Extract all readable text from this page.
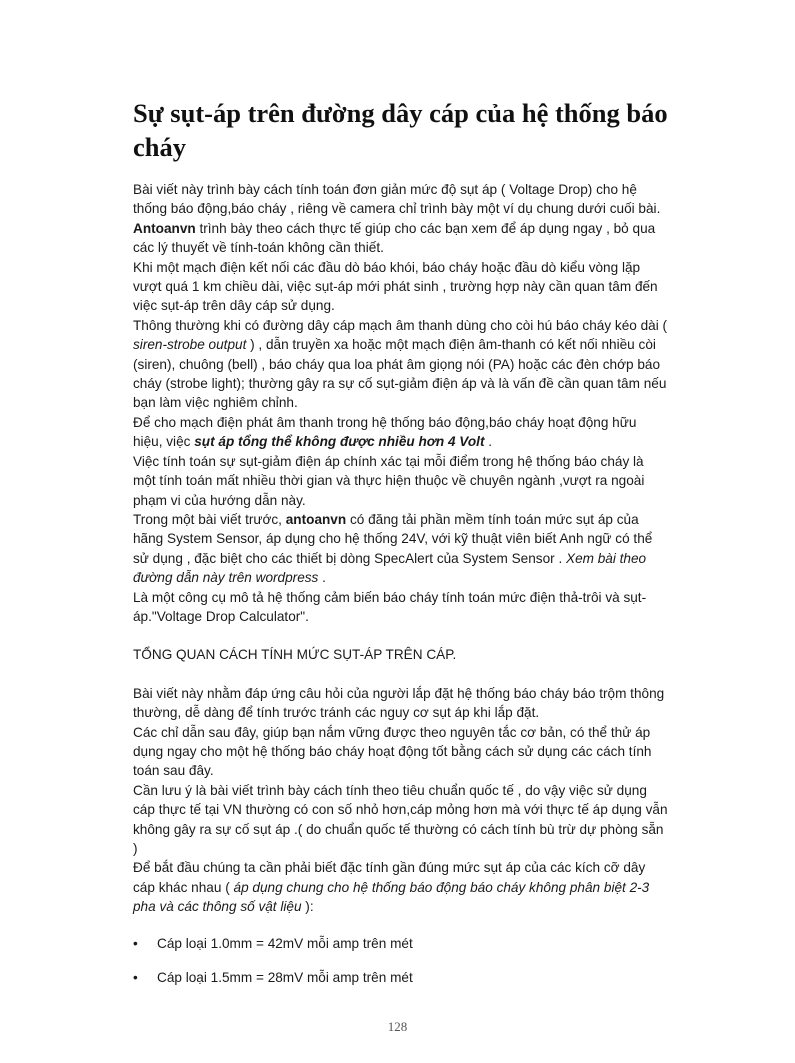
Sự sụt-áp trên đường dây cáp của hệ thống báo cháy

Bài viết này trình bày cách tính toán đơn giản mức độ sụt áp ( Voltage Drop) cho hệ thống báo động,báo cháy , riêng về camera chỉ trình bày một ví dụ chung dưới cuối bài. Antoanvn trình bày theo cách thực tế giúp cho các bạn xem để áp dụng ngay , bỏ qua các lý thuyết về tính-toán không cần thiết.

Khi một mạch điện kết nối các đầu dò báo khói, báo cháy hoặc đầu dò kiểu vòng lặp vượt quá 1 km chiều dài, việc sụt-áp mới phát sinh , trường hợp này cần quan tâm đến việc sụt-áp trên dây cáp sử dụng.

Thông thường khi có đường dây cáp mạch âm thanh dùng cho còi hú báo cháy kéo dài ( siren-strobe output ) , dẫn truyền xa hoặc một mạch điện âm-thanh có kết nối nhiều còi (siren), chuông (bell) , báo cháy qua loa phát âm giọng nói (PA) hoặc các đèn chớp báo cháy (strobe light); thường gây ra sự cố sụt-giảm điện áp và là vấn đề cần quan tâm nếu bạn làm việc nghiêm chỉnh.

Để cho mạch điện phát âm thanh trong hệ thống báo động,báo cháy hoạt động hữu hiệu, việc sụt áp tổng thể không được nhiều hơn 4 Volt .

Việc tính toán sự sụt-giảm điện áp chính xác tại mỗi điểm trong hệ thống báo cháy là một tính toán mất nhiều thời gian và thực hiện thuộc về chuyên ngành ,vượt ra ngoài phạm vi của hướng dẫn này.

Trong một bài viết trước, antoanvn có đăng tải phần mềm tính toán mức sụt áp của hãng System Sensor, áp dụng cho hệ thống 24V, với kỹ thuật viên biết Anh ngữ có thể sử dụng , đặc biệt cho các thiết bị dòng SpecAlert của System Sensor . Xem bài theo đường dẫn này trên wordpress .

Là một công cụ mô tả hệ thống cảm biến báo cháy tính toán mức điện thả-trôi và sụt-áp."Voltage Drop Calculator".

TỔNG QUAN CÁCH TÍNH MỨC SỤT-ÁP TRÊN CÁP.

Bài viết này nhằm đáp ứng câu hỏi của người lắp đặt hệ thống báo cháy báo trộm thông thường, dễ dàng để tính trước tránh các nguy cơ sụt áp khi lắp đặt.

Các chỉ dẫn sau đây, giúp bạn nắm vững được theo nguyên tắc cơ bản, có thể thử áp dụng ngay cho một hệ thống báo cháy hoạt động tốt bằng cách sử dụng các cách tính toán sau đây.

Cần lưu ý là bài viết trình bày cách tính theo tiêu chuẩn quốc tế , do vậy việc sử dụng cáp thực tế tại VN thường có con số nhỏ hơn,cáp mỏng hơn mà với thực tế áp dụng vẫn không gây ra sự cố sụt áp .( do chuẩn quốc tế thường có cách tính bù trừ dự phòng sẵn )

Để bắt đầu chúng ta cần phải biết đặc tính gần đúng mức sụt áp của các kích cỡ dây cáp khác nhau ( áp dụng chung cho hệ thống báo động báo cháy không phân biệt 2-3 pha và các thông số vật liệu ):

• Cáp loại 1.0mm = 42mV mỗi amp trên mét
• Cáp loại 1.5mm = 28mV mỗi amp trên mét
128
